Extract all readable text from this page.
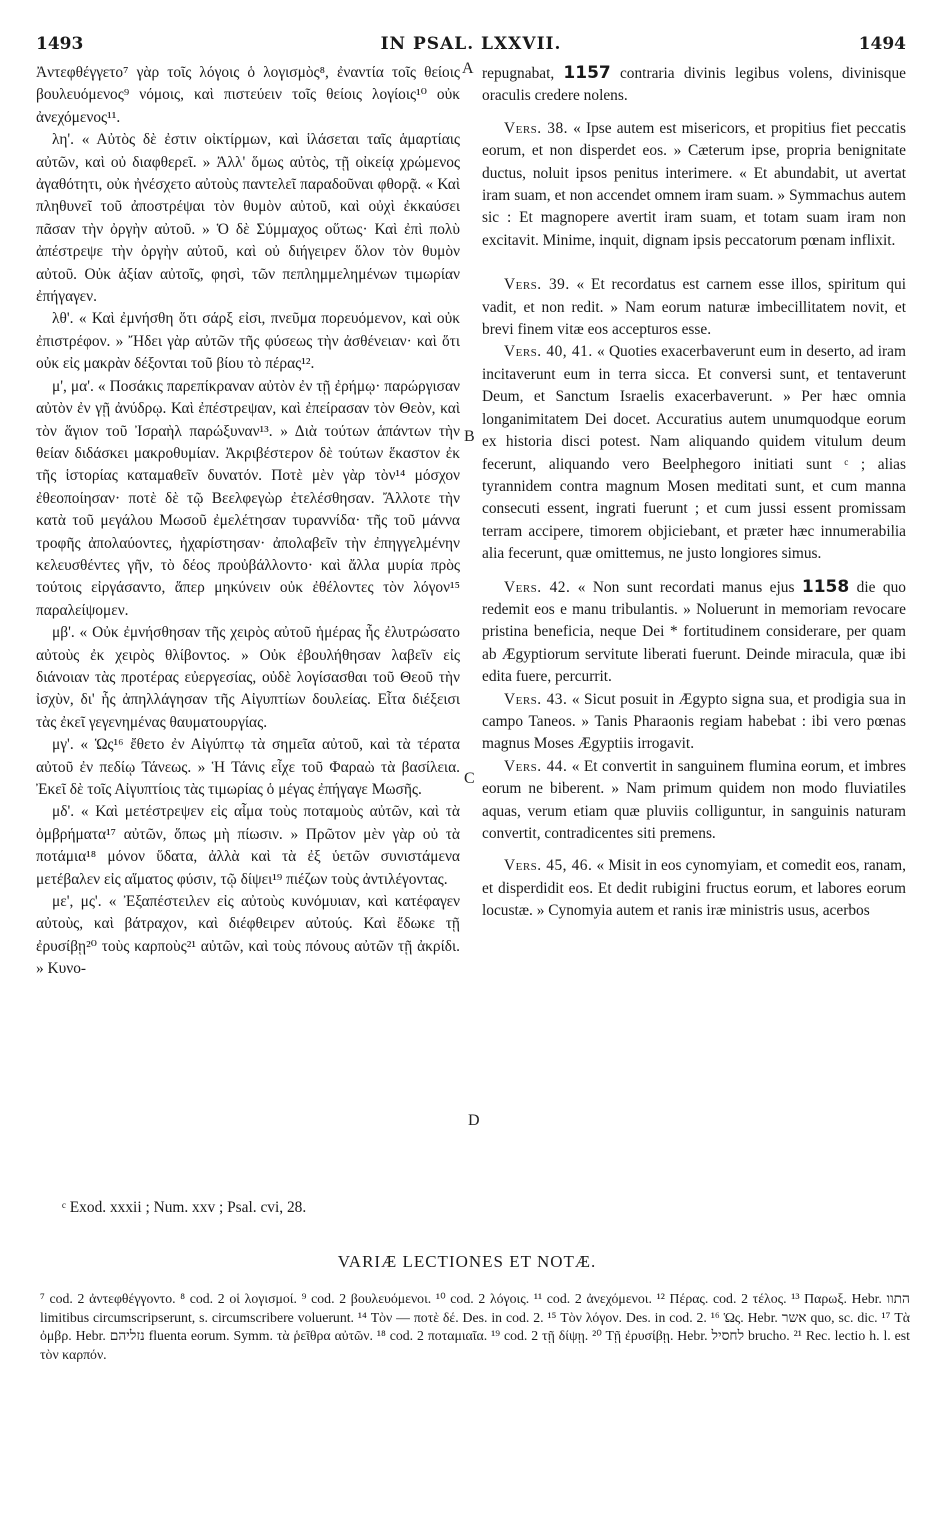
1493	IN PSAL. LXXVII.	1494
A
B
C
D

Ἀντεφθέγγετο⁷ γὰρ τοῖς λόγοις ὁ λογισμὸς⁸, ἐναντία τοῖς θείοις βουλευόμενος⁹ νόμοις, καὶ πιστεύειν τοῖς θείοις λογίοις¹⁰ οὐκ ἀνεχόμενος¹¹.

λη'. « Αὐτὸς δὲ ἐστιν οἰκτίρμων, καὶ ἱλάσεται ταῖς ἁμαρτίαις αὐτῶν, καὶ οὐ διαφθερεῖ. » Ἀλλ' ὅμως αὐτὸς, τῇ οἰκείᾳ χρώμενος ἀγαθότητι, οὐκ ἠνέσχετο αὐτοὺς παντελεῖ παραδοῦναι φθορᾷ. « Καὶ πληθυνεῖ τοῦ ἀποστρέψαι τὸν θυμὸν αὐτοῦ, καὶ οὐχὶ ἐκκαύσει πᾶσαν τὴν ὀργὴν αὐτοῦ. » Ὁ δὲ Σύμμαχος οὕτως· Καὶ ἐπὶ πολὺ ἀπέστρεψε τὴν ὀργὴν αὐτοῦ, καὶ οὐ διήγειρεν ὅλον τὸν θυμὸν αὐτοῦ. Οὐκ ἀξίαν αὐτοῖς, φησὶ, τῶν πεπλημμελημένων τιμωρίαν ἐπήγαγεν.

λθ'. « Καὶ ἐμνήσθη ὅτι σάρξ εἰσι, πνεῦμα πορευόμενον, καὶ οὐκ ἐπιστρέφον. » Ἤδει γὰρ αὐτῶν τῆς φύσεως τὴν ἀσθένειαν· καὶ ὅτι οὐκ εἰς μακρὰν δέξονται τοῦ βίου τὸ πέρας¹².

μ', μα'. « Ποσάκις παρεπίκραναν αὐτὸν ἐν τῇ ἐρήμῳ· παρώργισαν αὐτὸν ἐν γῇ ἀνύδρῳ. Καὶ ἐπέστρεψαν, καὶ ἐπείρασαν τὸν Θεὸν, καὶ τὸν ἅγιον τοῦ Ἰσραὴλ παρώξυναν¹³. » Διὰ τούτων ἁπάντων τὴν θείαν διδάσκει μακροθυμίαν. Ἀκριβέστερον δὲ τούτων ἕκαστον ἐκ τῆς ἱστορίας καταμαθεῖν δυνατόν. Ποτὲ μὲν γὰρ τὸν¹⁴ μόσχον ἐθεοποίησαν· ποτὲ δὲ τῷ Βεελφεγὼρ ἐτελέσθησαν. Ἄλλοτε τὴν κατὰ τοῦ μεγάλου Μωσοῦ ἐμελέτησαν τυραννίδα· τῆς τοῦ μάννα τροφῆς ἀπολαύοντες, ἠχαρίστησαν· ἀπολαβεῖν τὴν ἐπηγγελμένην κελευσθέντες γῆν, τὸ δέος προὐβάλλοντο· καὶ ἄλλα μυρία πρὸς τούτοις εἰργάσαντο, ἅπερ μηκύνειν οὐκ ἐθέλοντες τὸν λόγον¹⁵ παραλείψομεν.

μβ'. « Οὐκ ἐμνήσθησαν τῆς χειρὸς αὐτοῦ ἡμέρας ἧς ἐλυτρώσατο αὐτοὺς ἐκ χειρὸς θλίβοντος. » Οὐκ ἐβουλήθησαν λαβεῖν εἰς διάνοιαν τὰς προτέρας εὐεργεσίας, οὐδὲ λογίσασθαι τοῦ Θεοῦ τὴν ἰσχὺν, δι' ἧς ἀπηλλάγησαν τῆς Αἰγυπτίων δουλείας. Εἶτα διέξεισι τὰς ἐκεῖ γεγενημένας θαυματουργίας.

μγ'. « Ὡς¹⁶ ἔθετο ἐν Αἰγύπτῳ τὰ σημεῖα αὐτοῦ, καὶ τὰ τέρατα αὐτοῦ ἐν πεδίῳ Τάνεως. » Ἡ Τάνις εἶχε τοῦ Φαραὼ τὰ βασίλεια. Ἐκεῖ δὲ τοῖς Αἰγυπτίοις τὰς τιμωρίας ὁ μέγας ἐπήγαγε Μωσῆς.

μδ'. « Καὶ μετέστρεψεν εἰς αἷμα τοὺς ποταμοὺς αὐτῶν, καὶ τὰ ὀμβρήματα¹⁷ αὐτῶν, ὅπως μὴ πίωσιν. » Πρῶτον μὲν γὰρ οὐ τὰ ποτάμια¹⁸ μόνον ὕδατα, ἀλλὰ καὶ τὰ ἐξ ὑετῶν συνιστάμενα μετέβαλεν εἰς αἵματος φύσιν, τῷ δίψει¹⁹ πιέζων τοὺς ἀντιλέγοντας.

με', μς'. « Ἐξαπέστειλεν εἰς αὐτοὺς κυνόμυιαν, καὶ κατέφαγεν αὐτοὺς, καὶ βάτραχον, καὶ διέφθειρεν αὐτούς. Καὶ ἔδωκε τῇ ἐρυσίβῃ²⁰ τοὺς καρποὺς²¹ αὐτῶν, καὶ τοὺς πόνους αὐτῶν τῇ ἀκρίδι. » Κυνο-

repugnabat, 1157 contraria divinis legibus volens, divinisque oraculis credere nolens.

Vers. 38. « Ipse autem est misericors, et propitius fiet peccatis eorum, et non disperdet eos. » Cæterum ipse, propria benignitate ductus, noluit ipsos penitus interimere. « Et abundabit, ut avertat iram suam, et non accendet omnem iram suam. » Symmachus autem sic : Et magnopere avertit iram suam, et totam suam iram non excitavit. Minime, inquit, dignam ipsis peccatorum pœnam inflixit.

Vers. 39. « Et recordatus est carnem esse illos, spiritum qui vadit, et non redit. » Nam eorum naturæ imbecillitatem novit, et brevi finem vitæ eos accepturos esse.

Vers. 40, 41. « Quoties exacerbaverunt eum in deserto, ad iram incitaverunt eum in terra sicca. Et conversi sunt, et tentaverunt Deum, et Sanctum Israelis exacerbaverunt. » Per hæc omnia longanimitatem Dei docet. Accuratius autem unumquodque eorum ex historia disci potest. Nam aliquando quidem vitulum deum fecerunt, aliquando vero Beelphegoro initiati sunt ᶜ ; alias tyrannidem contra magnum Mosen meditati sunt, et cum manna consecuti essent, ingrati fuerunt ; et cum jussi essent promissam terram accipere, timorem objiciebant, et præter hæc innumerabilia alia fecerunt, quæ omittemus, ne justo longiores simus.

Vers. 42. « Non sunt recordati manus ejus 1158 die quo redemit eos e manu tribulantis. » Noluerunt in memoriam revocare pristina beneficia, neque Dei * fortitudinem considerare, per quam ab Ægyptiorum servitute liberati fuerunt. Deinde miracula, quæ ibi edita fuere, percurrit.

Vers. 43. « Sicut posuit in Ægypto signa sua, et prodigia sua in campo Taneos. » Tanis Pharaonis regiam habebat : ibi vero pœnas magnus Moses Ægyptiis irrogavit.

Vers. 44. « Et convertit in sanguinem flumina eorum, et imbres eorum ne biberent. » Nam primum quidem non modo fluviatiles aquas, verum etiam quæ pluviis colliguntur, in sanguinis naturam convertit, contradicentes siti premens.

Vers. 45, 46. « Misit in eos cynomyiam, et comedit eos, ranam, et disperdidit eos. Et dedit rubigini fructus eorum, et labores eorum locustæ. » Cynomyia autem et ranis iræ ministris usus, acerbos

ᶜ Exod. xxxii ; Num. xxv ; Psal. cvi, 28.
VARIÆ LECTIONES ET NOTÆ.
⁷ cod. 2 ἀντεφθέγγοντο. ⁸ cod. 2 οἱ λογισμοί. ⁹ cod. 2 βουλευόμενοι. ¹⁰ cod. 2 λόγοις. ¹¹ cod. 2 ἀνεχόμενοι. ¹² Πέρας. cod. 2 τέλος. ¹³ Παρωξ. Hebr. התוו limitibus circumscripserunt, s. circumscribere voluerunt. ¹⁴ Τὸν — ποτὲ δέ. Des. in cod. 2. ¹⁵ Τὸν λόγον. Des. in cod. 2. ¹⁶ Ὡς. Hebr. אשר quo, sc. dic. ¹⁷ Τὰ ὀμβρ. Hebr. נזליהם fluenta eorum. Symm. τὰ ῥεῖθρα αὐτῶν. ¹⁸ cod. 2 ποταμιαῖα. ¹⁹ cod. 2 τῇ δίψῃ. ²⁰ Τῇ ἐρυσίβῃ. Hebr. לחסיל brucho. ²¹ Rec. lectio h. l. est τὸν καρπόν.
